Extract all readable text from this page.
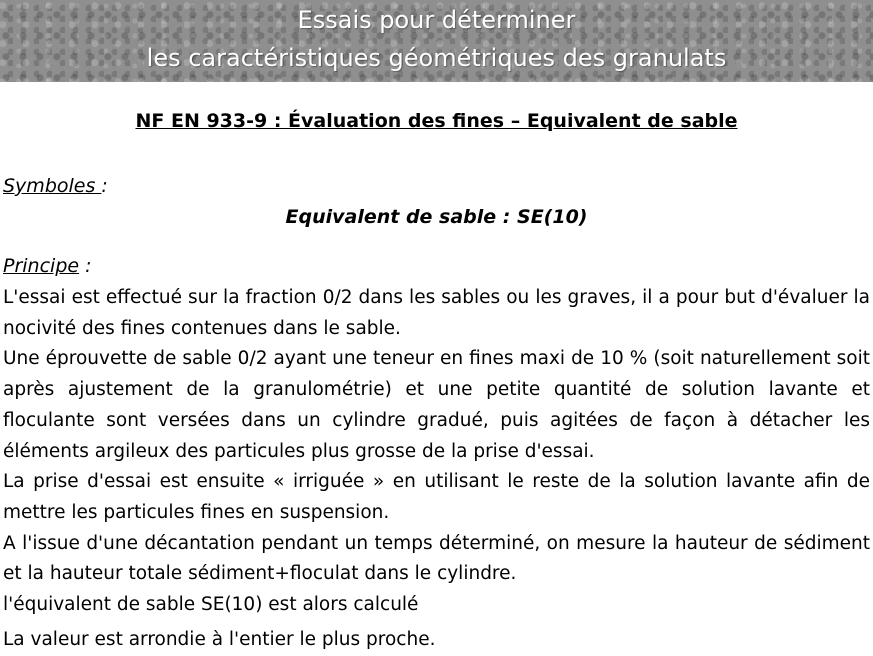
Essais pour déterminer
les caractéristiques géométriques des granulats
NF EN 933-9 : Évaluation des fines – Equivalent de sable
Symboles :
Equivalent de sable : SE(10)
Principe :

L'essai est effectué sur la fraction 0/2 dans les sables ou les graves, il a pour but d'évaluer la nocivité des fines contenues dans le sable.

Une éprouvette de sable 0/2 ayant une teneur en fines maxi de 10 % (soit naturellement soit après ajustement de la granulométrie) et une petite quantité de solution lavante et floculante sont versées dans un cylindre gradué, puis agitées de façon à détacher les éléments argileux des particules plus grosse de la prise d'essai.

La prise d'essai est ensuite « irriguée » en utilisant le reste de la solution lavante afin de mettre les particules fines en suspension.

A l'issue d'une décantation pendant un temps déterminé, on mesure la hauteur de sédiment et la hauteur totale sédiment+floculat dans le cylindre.

l'équivalent de sable SE(10) est alors calculé

La valeur est arrondie à l'entier le plus proche.
